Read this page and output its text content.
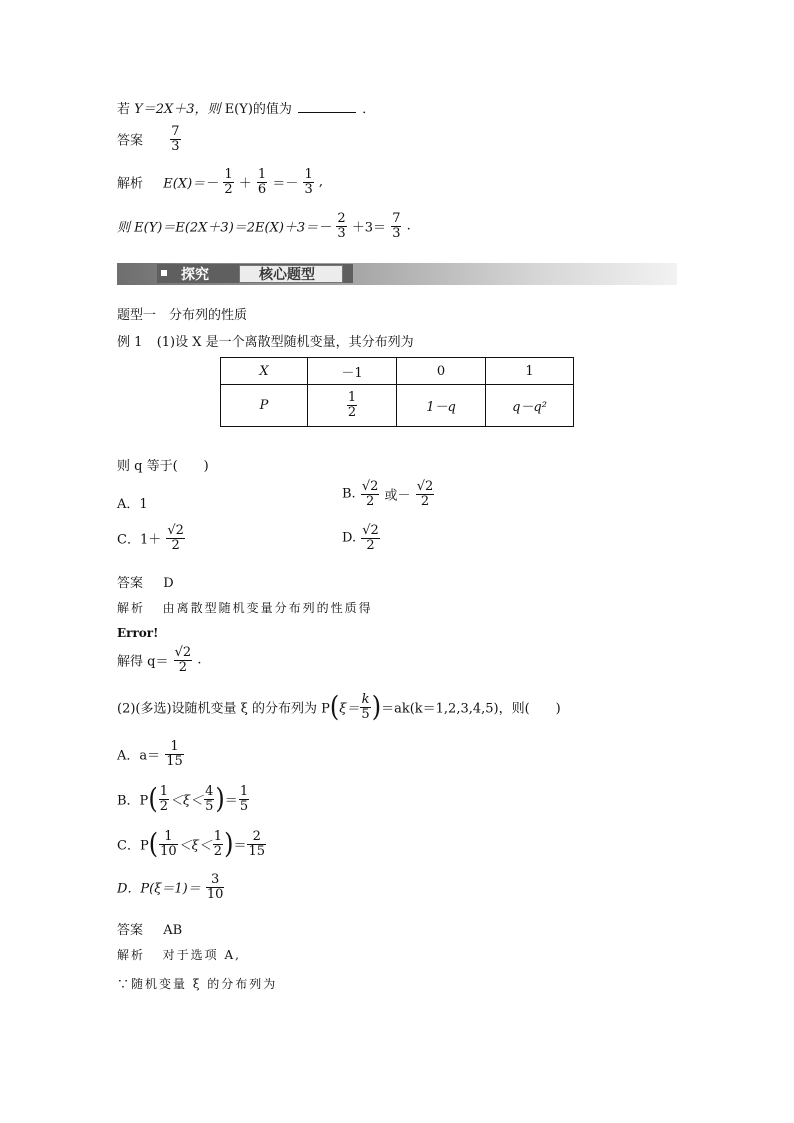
若 Y＝2X＋3，则 E(Y)的值为	．
答案 $\frac{7}{3}$
解析 $E(X)=- \frac{1}{2} + \frac{1}{6} =- \frac{1}{3}$ ,
则 $E(Y)=E(2X+3)=2E(X)+3=- \frac{2}{3} +3= \frac{7}{3}$ .
探究	核心题型
题型一　分布列的性质
例 1 (1)设 X 是一个离散型随机变量，其分布列为
X	－1	0	1
P	$\frac{1}{2}$	1－q	q－q²
则 q 等于(　　)
A．1
B. $\frac{√2}{2}$ 或－ $\frac{√2}{2}$
C．$1+ \frac{√2}{2}$	D. $\frac{√2}{2}$
答案 D
解析 由离散型随机变量分布列的性质得
Error!
解得 $q= \frac{√2}{2}$ .
(2)(多选)设随机变量 ξ 的分布列为 $P(\xi= \frac{k}{5} )=ak(k=1,2,3,4,5)$，则(　　)
A．$a= \frac{1}{15}$
B．$P( \frac{1}{2} <\xi< \frac{4}{5}$ )＝ $\frac{1}{5}$
C．$P( \frac{1}{10} <\xi< \frac{1}{2}$ )＝ $\frac{2}{15}$
D．$P(\xi=1)= \frac{3}{10}$
答案 AB
解析 对于选项 A,
∵随机变量 ξ 的分布列为
